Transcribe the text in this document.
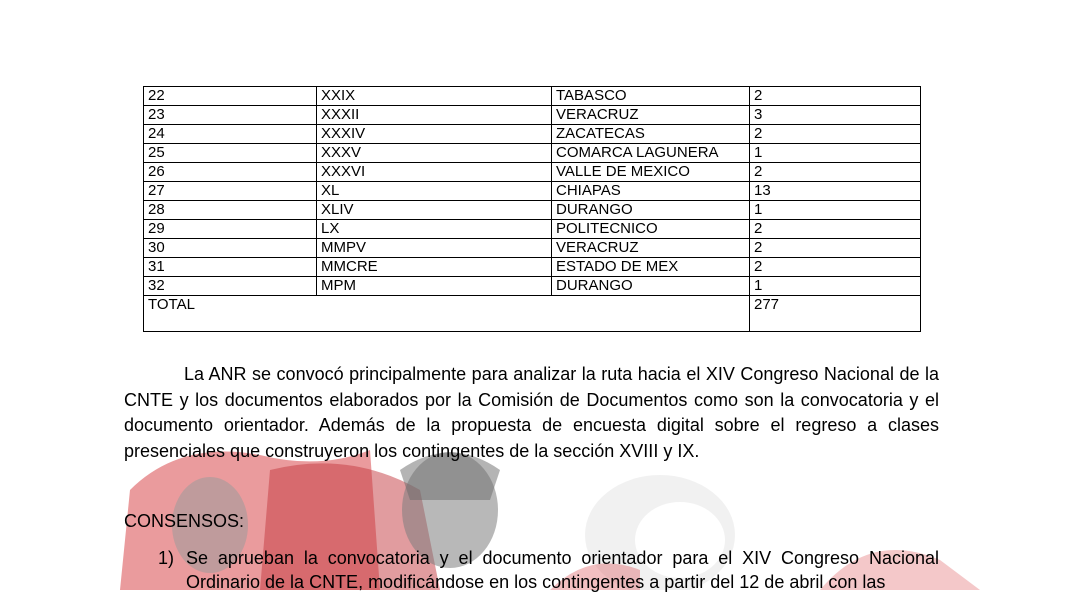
22	XXIX	TABASCO	2
23	XXXII	VERACRUZ	3
24	XXXIV	ZACATECAS	2
25	XXXV	COMARCA LAGUNERA	1
26	XXXVI	VALLE DE MEXICO	2
27	XL	CHIAPAS	13
28	XLIV	DURANGO	1
29	LX	POLITECNICO	2
30	MMPV	VERACRUZ	2
31	MMCRE	ESTADO DE MEX	2
32	MPM	DURANGO	1
TOTAL			277

La ANR se convocó principalmente para analizar la ruta hacia el XIV Congreso Nacional de la CNTE y los documentos elaborados por la Comisión de Documentos como son la convocatoria y el documento orientador. Además de la propuesta de encuesta digital sobre el regreso a clases presenciales que construyeron los contingentes de la sección XVIII y IX.

CONSENSOS:

1) Se aprueban la convocatoria y el documento orientador para el XIV Congreso Nacional Ordinario de la CNTE, modificándose en los contingentes a partir del 12 de abril con las
